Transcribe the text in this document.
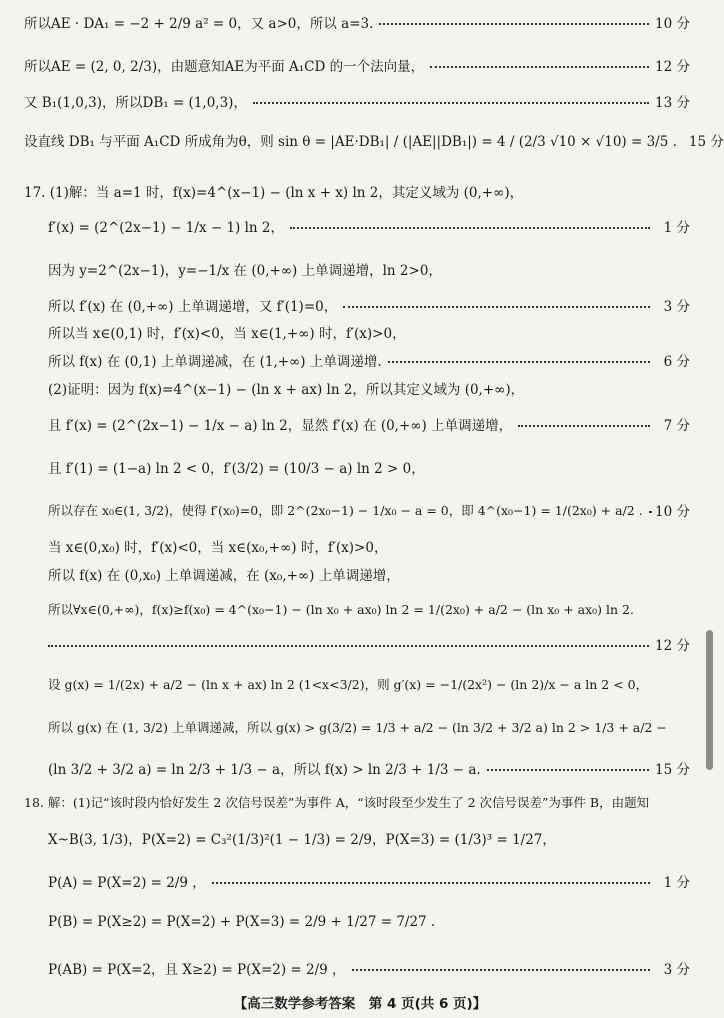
所以AE · DA₁ = −2 + 2/9 a² = 0，又 a>0，所以 a=3.	10 分
所以AE = (2, 0, 2/3)，由题意知AE为平面 A₁CD 的一个法向量，	12 分
又 B₁(1,0,3)，所以DB₁ = (1,0,3)，	13 分
设直线 DB₁ 与平面 A₁CD 所成角为θ，则 sin θ = |AE·DB₁| / (|AE||DB₁|) = 4 / (2/3 √10 × √10) = 3/5 . 15 分
17. (1)解：当 a=1 时，f(x)=4^(x−1) − (ln x + x) ln 2，其定义域为 (0,+∞)，
f′(x) = (2^(2x−1) − 1/x − 1) ln 2，	1 分
因为 y=2^(2x−1)，y=−1/x 在 (0,+∞) 上单调递增，ln 2>0，
所以 f′(x) 在 (0,+∞) 上单调递增，又 f′(1)=0，	3 分
所以当 x∈(0,1) 时，f′(x)<0，当 x∈(1,+∞) 时，f′(x)>0，
所以 f(x) 在 (0,1) 上单调递减，在 (1,+∞) 上单调递增.	6 分
(2)证明：因为 f(x)=4^(x−1) − (ln x + ax) ln 2，所以其定义域为 (0,+∞)，
且 f′(x) = (2^(2x−1) − 1/x − a) ln 2，显然 f′(x) 在 (0,+∞) 上单调递增，	7 分
且 f′(1) = (1−a) ln 2 < 0，f′(3/2) = (10/3 − a) ln 2 > 0，
所以存在 x₀∈(1, 3/2)，使得 f′(x₀)=0，即 2^(2x₀−1) − 1/x₀ − a = 0，即 4^(x₀−1) = 1/(2x₀) + a/2 . 10 分
当 x∈(0,x₀) 时，f′(x)<0，当 x∈(x₀,+∞) 时，f′(x)>0，
所以 f(x) 在 (0,x₀) 上单调递减，在 (x₀,+∞) 上单调递增，
所以∀x∈(0,+∞)，f(x)≥f(x₀) = 4^(x₀−1) − (ln x₀ + ax₀) ln 2 = 1/(2x₀) + a/2 − (ln x₀ + ax₀) ln 2.
12 分
设 g(x) = 1/(2x) + a/2 − (ln x + ax) ln 2 (1<x<3/2)，则 g′(x) = −1/(2x²) − (ln 2)/x − a ln 2 < 0，
所以 g(x) 在 (1, 3/2) 上单调递减，所以 g(x) > g(3/2) = 1/3 + a/2 − (ln 3/2 + 3/2 a) ln 2 > 1/3 + a/2 −
(ln 3/2 + 3/2 a) = ln 2/3 + 1/3 − a，所以 f(x) > ln 2/3 + 1/3 − a.	15 分
18. 解：(1)记“该时段内恰好发生 2 次信号误差”为事件 A，“该时段至少发生了 2 次信号误差”为事件 B，由题知
X~B(3, 1/3)，P(X=2) = C₃²(1/3)²(1 − 1/3) = 2/9，P(X=3) = (1/3)³ = 1/27，
P(A) = P(X=2) = 2/9 ，	1 分
P(B) = P(X≥2) = P(X=2) + P(X=3) = 2/9 + 1/27 = 7/27 .
P(AB) = P(X=2，且 X≥2) = P(X=2) = 2/9 ，	3 分
【高三数学参考答案　第 4 页(共 6 页)】
